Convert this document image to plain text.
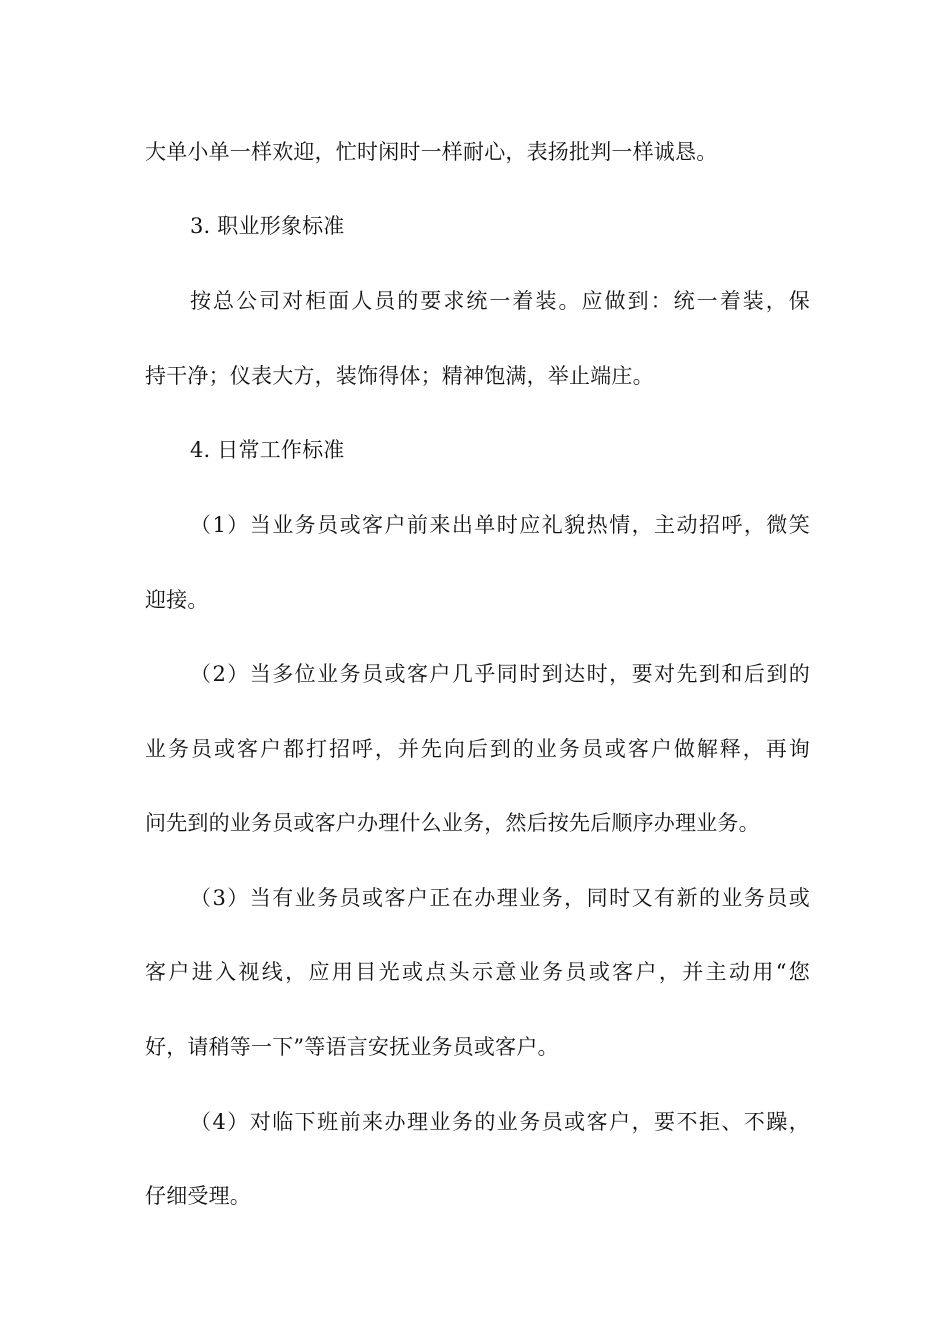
大单小单一样欢迎，忙时闲时一样耐心，表扬批判一样诚恳。
3. 职业形象标准
按总公司对柜面人员的要求统一着装。应做到：统一着装，保
持干净；仪表大方，装饰得体；精神饱满，举止端庄。
4. 日常工作标准
（1）当业务员或客户前来出单时应礼貌热情，主动招呼，微笑
迎接。
（2）当多位业务员或客户几乎同时到达时，要对先到和后到的
业务员或客户都打招呼，并先向后到的业务员或客户做解释，再询
问先到的业务员或客户办理什么业务，然后按先后顺序办理业务。
（3）当有业务员或客户正在办理业务，同时又有新的业务员或
客户进入视线，应用目光或点头示意业务员或客户，并主动用“您
好，请稍等一下”等语言安抚业务员或客户。
（4）对临下班前来办理业务的业务员或客户，要不拒、不躁，
仔细受理。
